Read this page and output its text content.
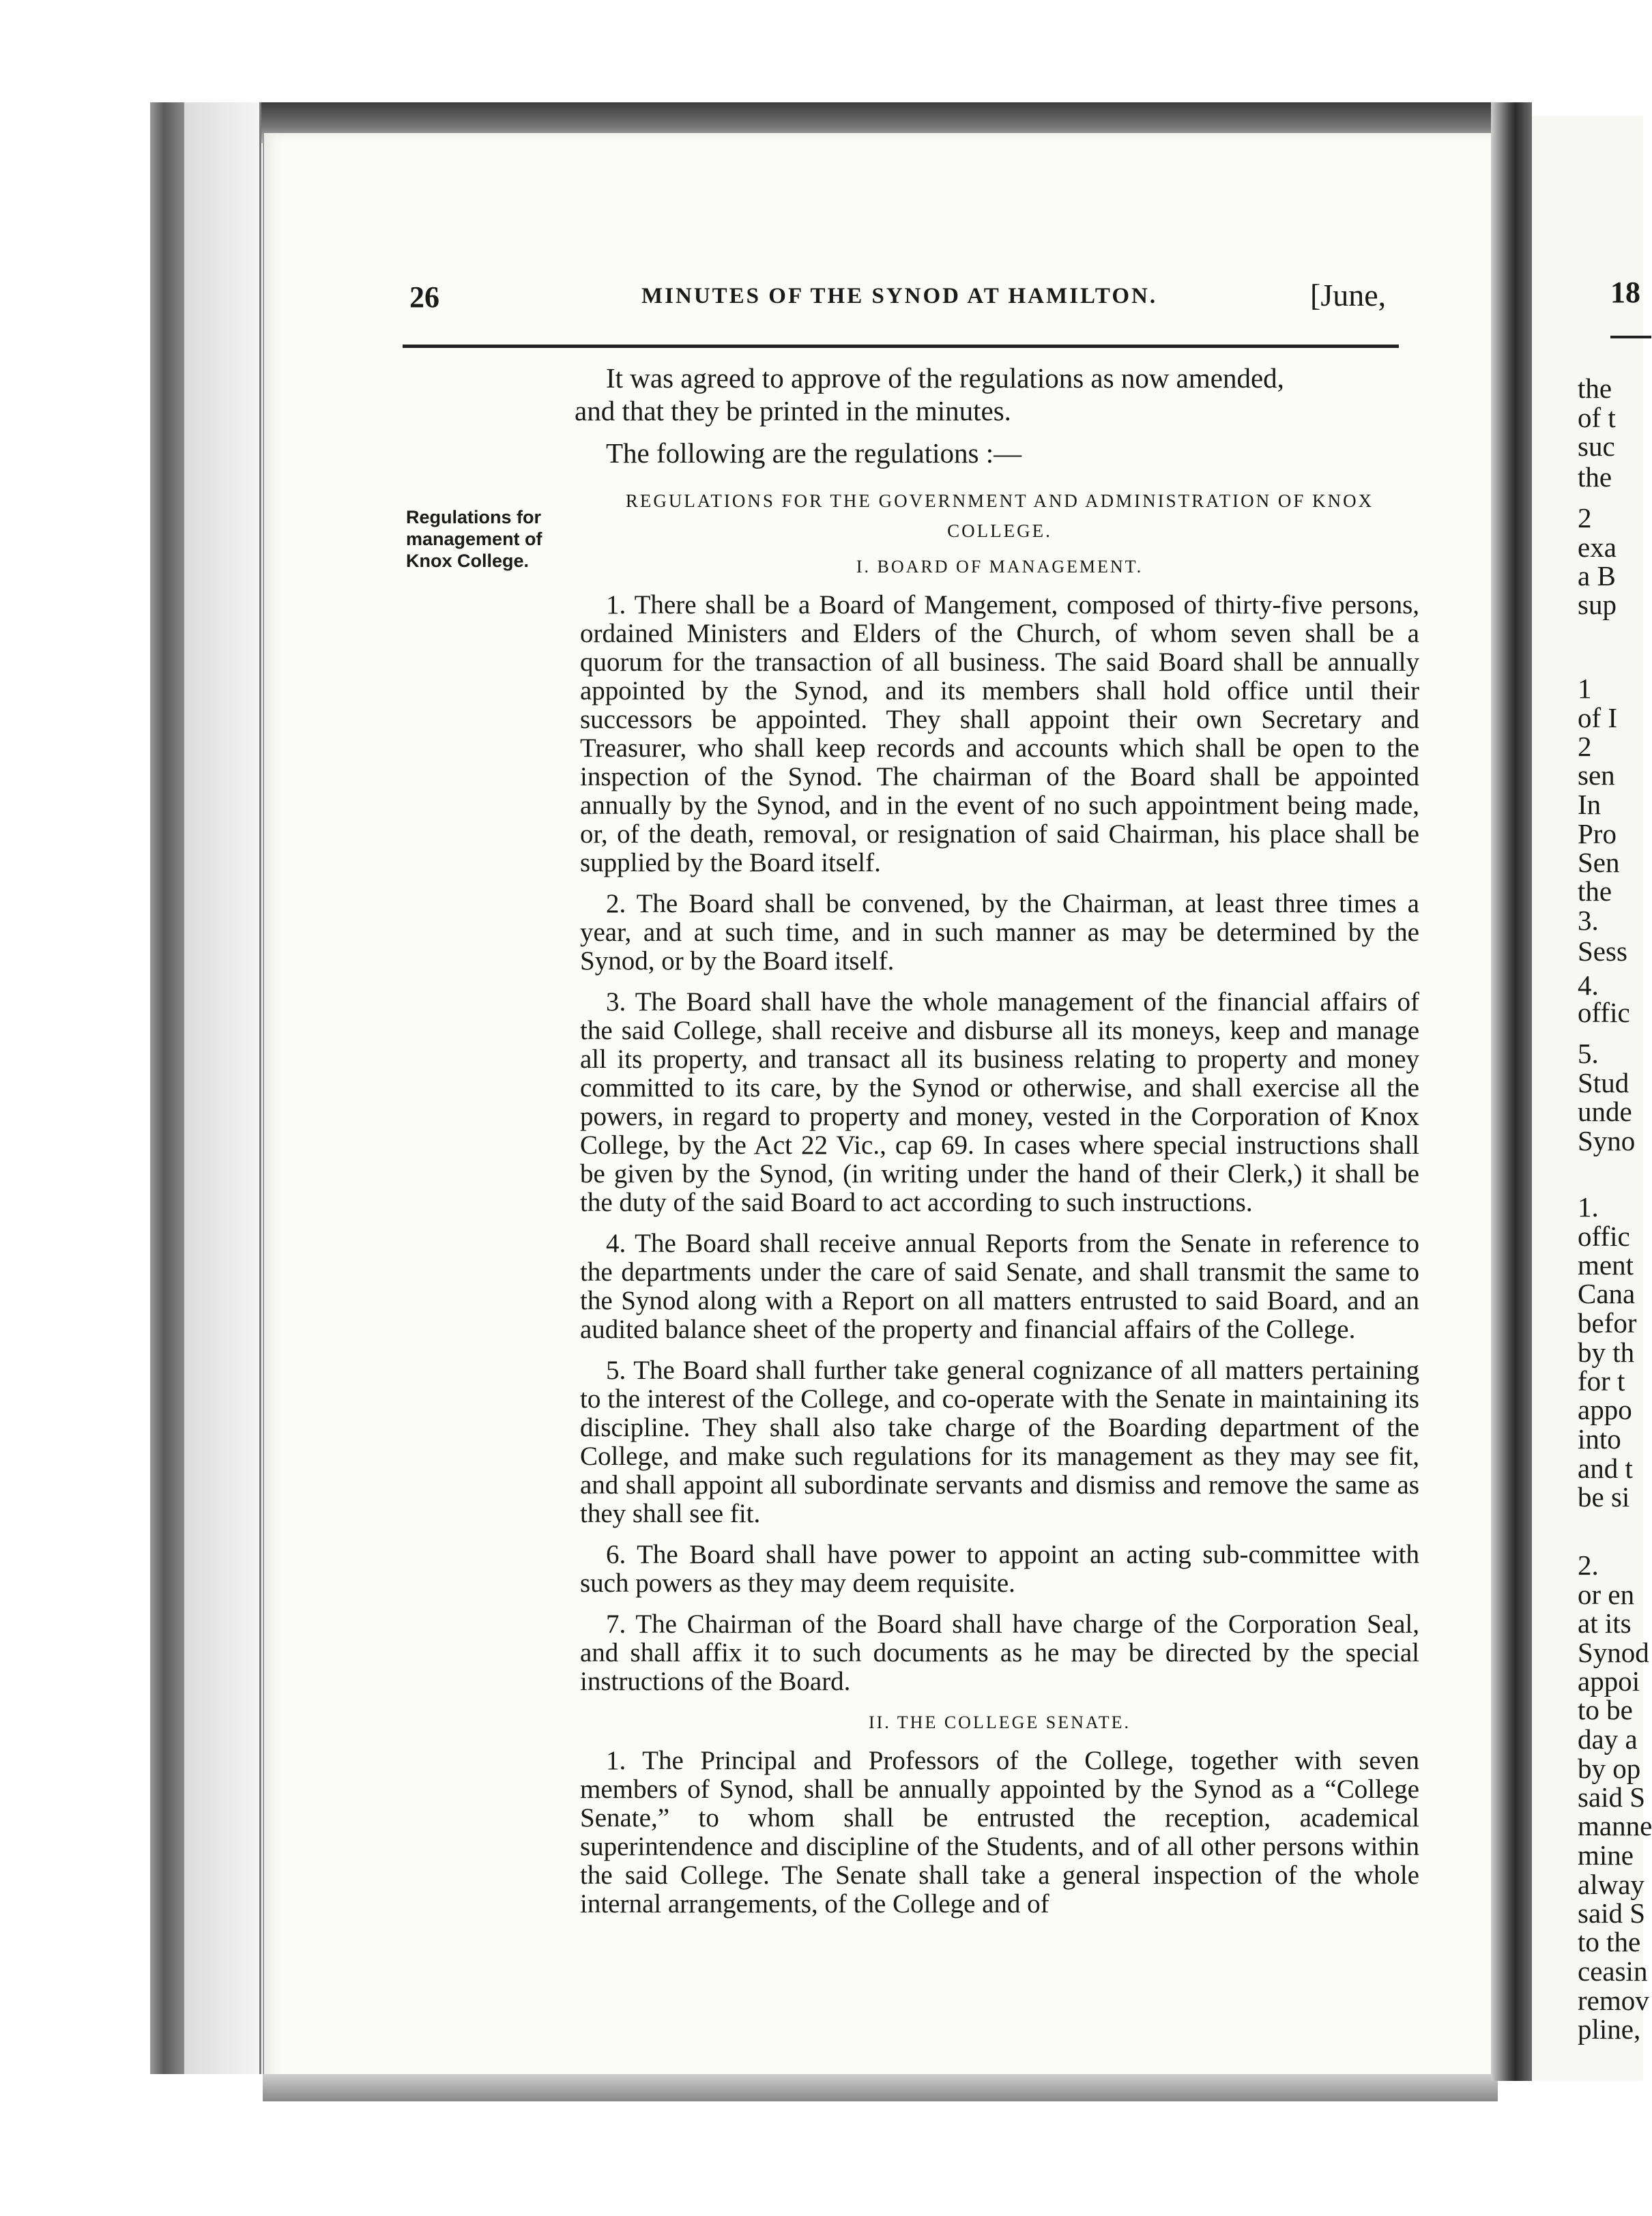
26	MINUTES OF THE SYNOD AT HAMILTON.	[June,
Regulations for management of Knox College.
It was agreed to approve of the regulations as now amended,
and that they be printed in the minutes.
The following are the regulations :—
REGULATIONS FOR THE GOVERNMENT AND ADMINISTRATION OF KNOX COLLEGE.
I. BOARD OF MANAGEMENT.

1. There shall be a Board of Mangement, composed of thirty-five persons, ordained Ministers and Elders of the Church, of whom seven shall be a quorum for the transaction of all business. The said Board shall be annually appointed by the Synod, and its members shall hold office until their successors be appointed. They shall appoint their own Secretary and Treasurer, who shall keep records and accounts which shall be open to the inspection of the Synod. The chairman of the Board shall be appointed annually by the Synod, and in the event of no such appointment being made, or, of the death, removal, or resignation of said Chairman, his place shall be supplied by the Board itself.

2. The Board shall be convened, by the Chairman, at least three times a year, and at such time, and in such manner as may be determined by the Synod, or by the Board itself.

3. The Board shall have the whole management of the financial affairs of the said College, shall receive and disburse all its moneys, keep and manage all its property, and transact all its business relating to property and money committed to its care, by the Synod or otherwise, and shall exercise all the powers, in regard to property and money, vested in the Corporation of Knox College, by the Act 22 Vic., cap 69. In cases where special instructions shall be given by the Synod, (in writing under the hand of their Clerk,) it shall be the duty of the said Board to act according to such instructions.

4. The Board shall receive annual Reports from the Senate in reference to the departments under the care of said Senate, and shall transmit the same to the Synod along with a Report on all matters entrusted to said Board, and an audited balance sheet of the property and financial affairs of the College.

5. The Board shall further take general cognizance of all matters pertaining to the interest of the College, and co-operate with the Senate in maintaining its discipline. They shall also take charge of the Boarding department of the College, and make such regulations for its management as they may see fit, and shall appoint all subordinate servants and dismiss and remove the same as they shall see fit.

6. The Board shall have power to appoint an acting sub-committee with such powers as they may deem requisite.

7. The Chairman of the Board shall have charge of the Corporation Seal, and shall affix it to such documents as he may be directed by the special instructions of the Board.

II. THE COLLEGE SENATE.

1. The Principal and Professors of the College, together with seven members of Synod, shall be annually appointed by the Synod as a “College Senate,” to whom shall be entrusted the reception, academical superintendence and discipline of the Students, and of all other persons within the said College. The Senate shall take a general inspection of the whole internal arrangements, of the College and of

18
the
of t
suc
the
2
exa
a B
sup
1
of I
2
sen
In
Pro
Sen
the
3.
Sess
4.
offic
5.
Stud
unde
Syno
1.
offic
ment
Cana
befor
by th
for t
appo
into
and t
be si
2.
or en
at its
Synod
appoi
to be
day a
by op
said S
manne
mine
alway
said S
to the
ceasin
remov
pline,
